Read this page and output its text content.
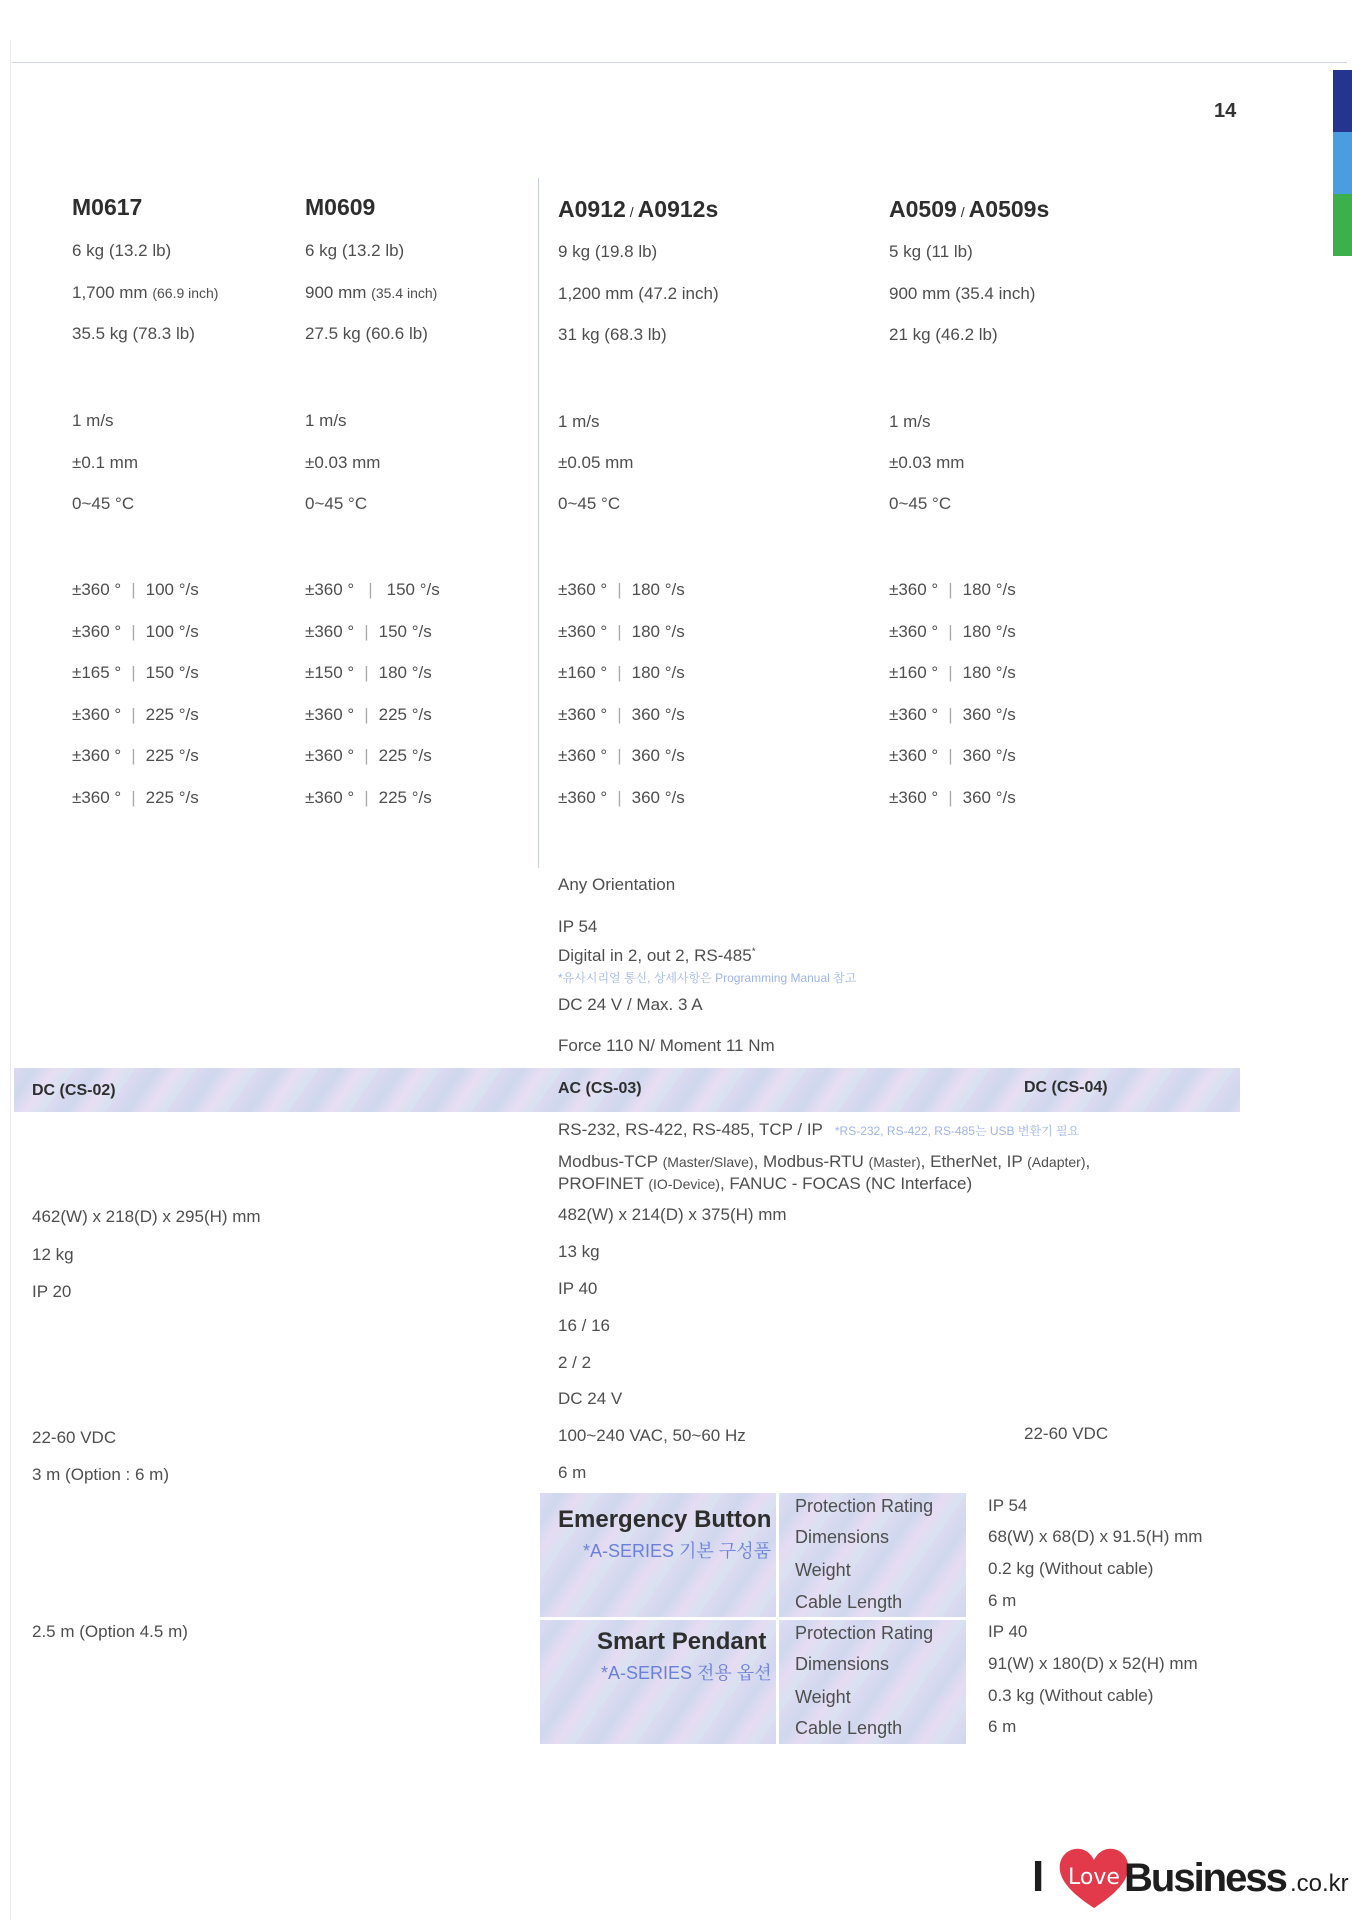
14
M0617
6 kg (13.2 lb)
1,700 mm (66.9 inch)
35.5 kg (78.3 lb)
1 m/s
±0.1 mm
0~45 °C
±360 ° | 100 °/s
±360 ° | 100 °/s
±165 ° | 150 °/s
±360 ° | 225 °/s
±360 ° | 225 °/s
±360 ° | 225 °/s
M0609
6 kg (13.2 lb)
900 mm (35.4 inch)
27.5 kg (60.6 lb)
1 m/s
±0.03 mm
0~45 °C
±360 ° | 150 °/s
±360 ° | 150 °/s
±150 ° | 180 °/s
±360 ° | 225 °/s
±360 ° | 225 °/s
±360 ° | 225 °/s
A0912 / A0912s
9 kg (19.8 lb)
1,200 mm (47.2 inch)
31 kg (68.3 lb)
1 m/s
±0.05 mm
0~45 °C
±360 ° | 180 °/s
±360 ° | 180 °/s
±160 ° | 180 °/s
±360 ° | 360 °/s
±360 ° | 360 °/s
±360 ° | 360 °/s
A0509 / A0509s
5 kg (11 lb)
900 mm (35.4 inch)
21 kg (46.2 lb)
1 m/s
±0.03 mm
0~45 °C
±360 ° | 180 °/s
±360 ° | 180 °/s
±160 ° | 180 °/s
±360 ° | 360 °/s
±360 ° | 360 °/s
±360 ° | 360 °/s
Any Orientation
IP 54
Digital in 2, out 2, RS-485*
*유사시리얼 통신, 상세사항은 Programming Manual 참고
DC 24 V / Max. 3 A
Force 110 N/ Moment 11 Nm
DC (CS-02)	AC (CS-03)	DC (CS-04)
RS-232, RS-422, RS-485, TCP / IP *RS-232, RS-422, RS-485는 USB 변환기 필요
Modbus-TCP (Master/Slave), Modbus-RTU (Master), EtherNet, IP (Adapter),
PROFINET (IO-Device), FANUC - FOCAS (NC Interface)
482(W) x 214(D) x 375(H) mm
13 kg
IP 40
16 / 16
2 / 2
DC 24 V
100~240 VAC, 50~60 Hz
6 m
462(W) x 218(D) x 295(H) mm
12 kg
IP 20
22-60 VDC
3 m (Option : 6 m)
2.5 m (Option 4.5 m)
22-60 VDC
Emergency Button
*A-SERIES 기본 구성품
Protection Rating
Dimensions
Weight
Cable Length
IP 54
68(W) x 68(D) x 91.5(H) mm
0.2 kg (Without cable)
6 m
Smart Pendant
*A-SERIES 전용 옵션
Protection Rating
Dimensions
Weight
Cable Length
IP 40
91(W) x 180(D) x 52(H) mm
0.3 kg (Without cable)
6 m
I Love Business .co.kr
